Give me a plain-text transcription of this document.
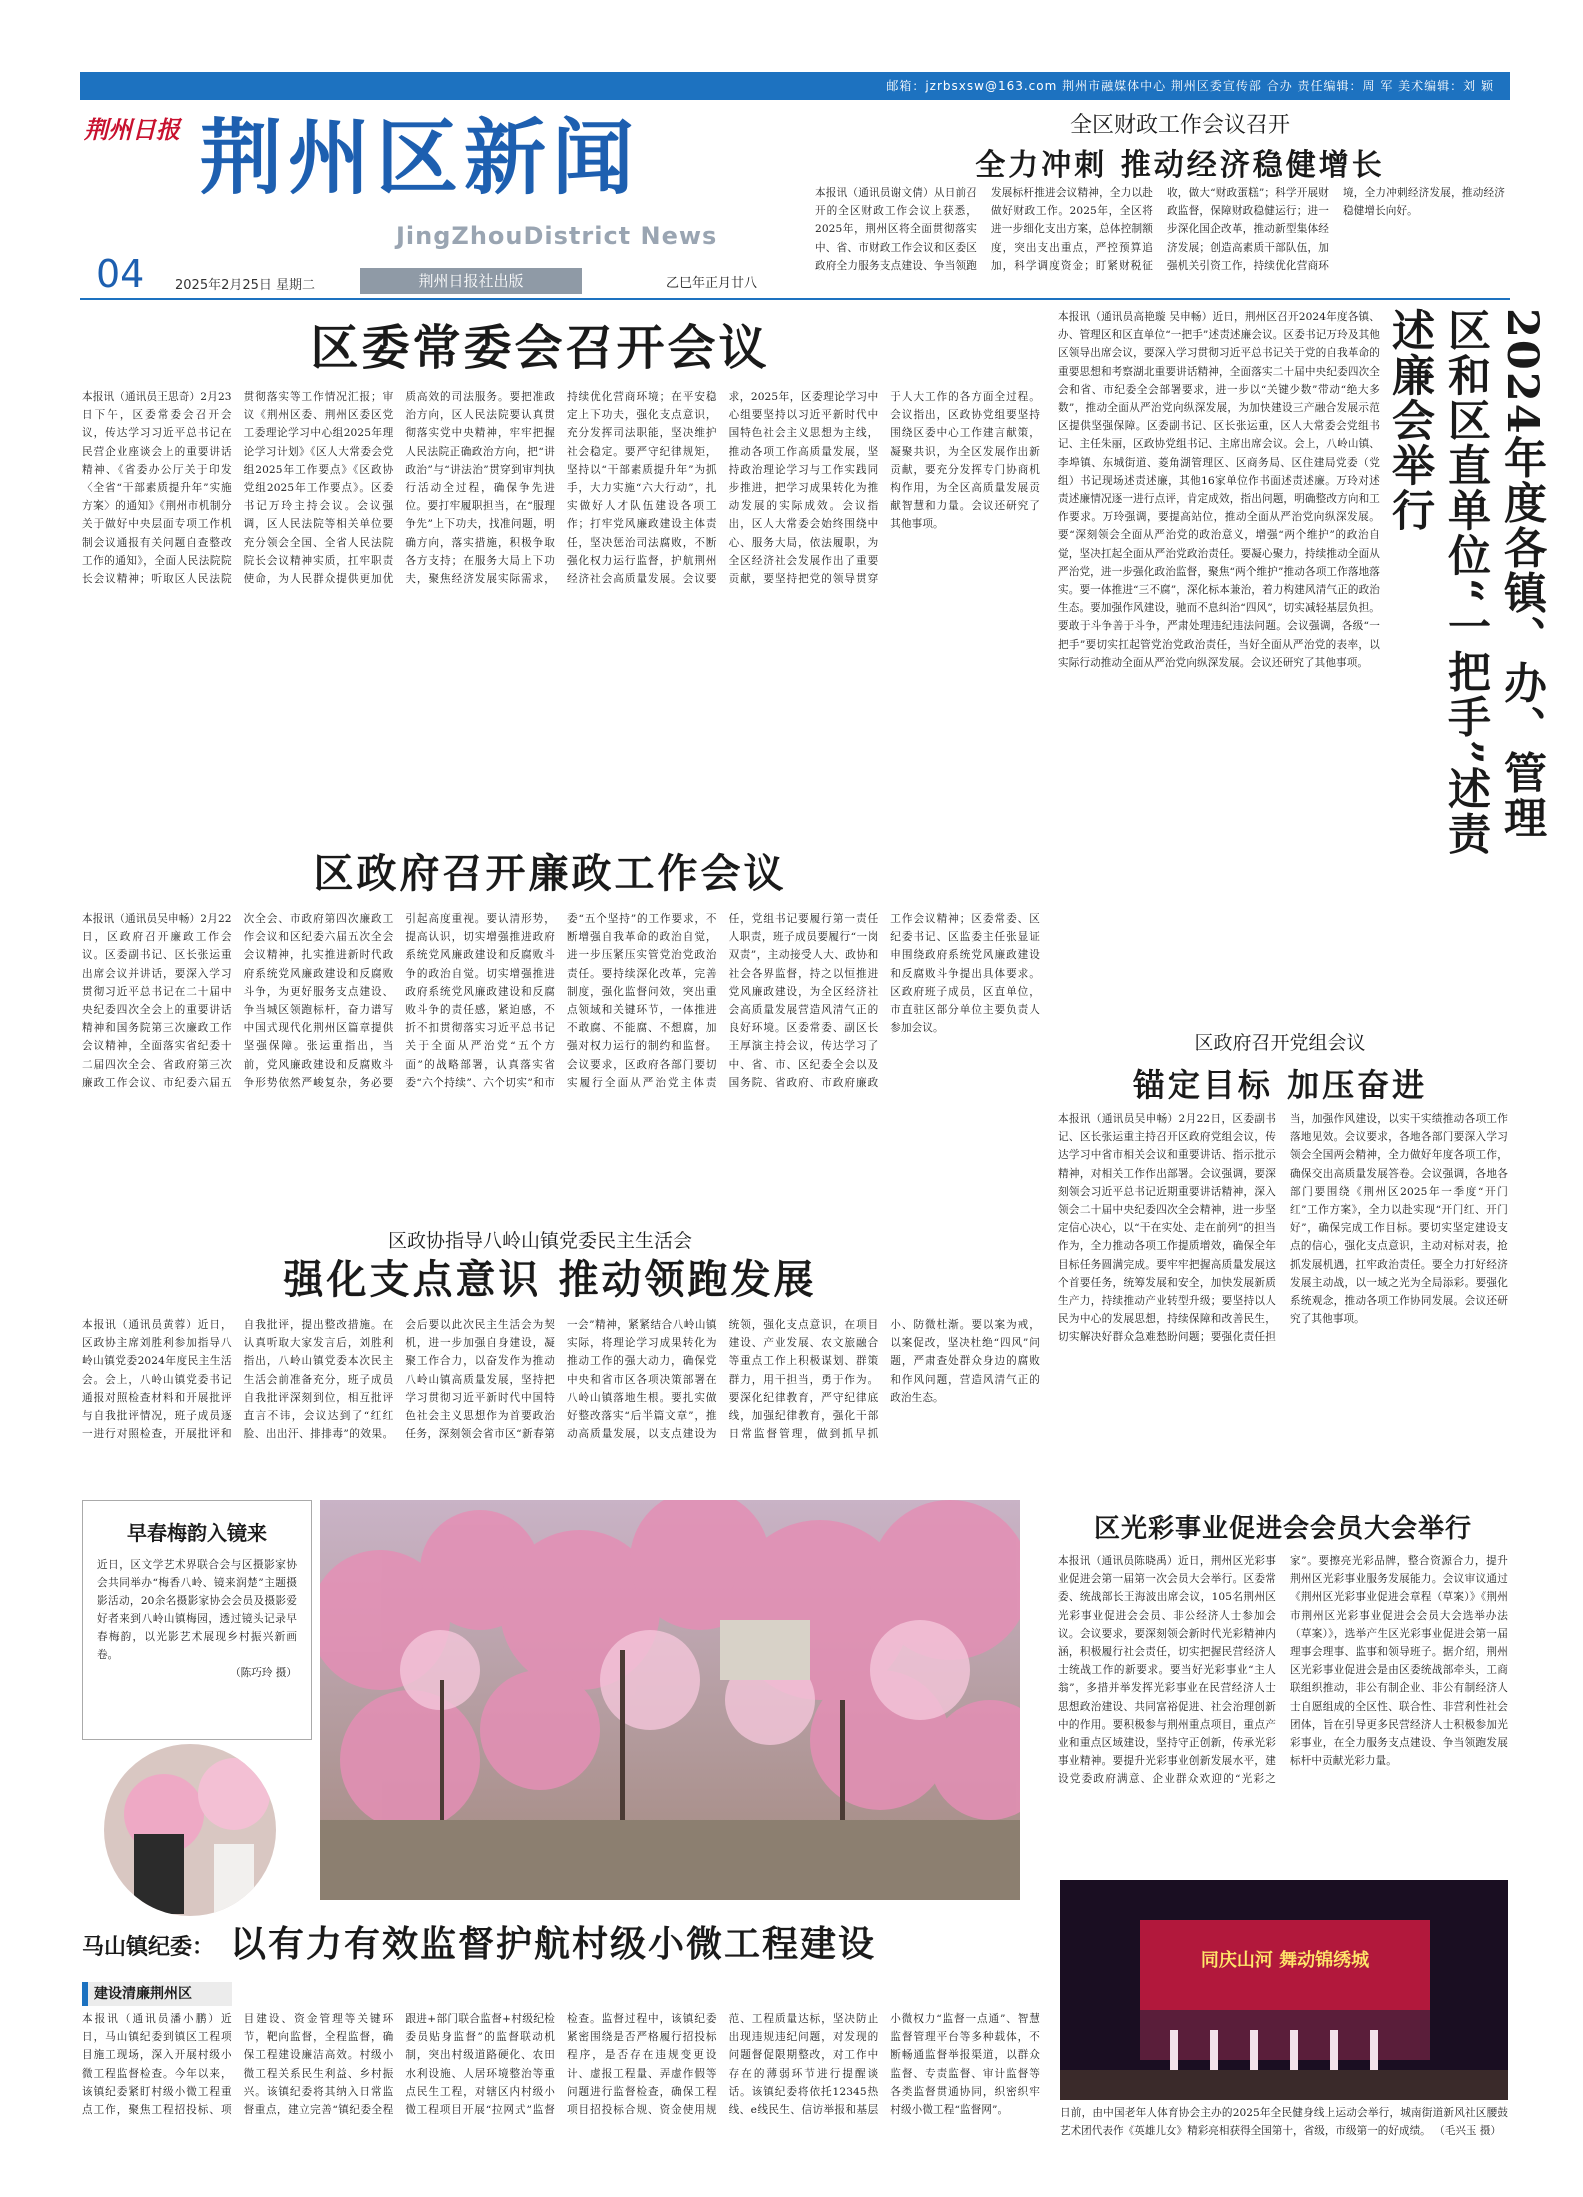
邮箱：jzrbsxsw@163.com 荆州市融媒体中心 荆州区委宣传部 合办 责任编辑：周 军 美术编辑：刘 颖
荆州日报 荆州区新闻
JingZhouDistrict News
04 2025年2月25日 星期二	荆州日报社出版	乙巳年正月廿八
全区财政工作会议召开
全力冲刺 推动经济稳健增长
本报讯（通讯员谢文倩）从日前召开的全区财政工作会议上获悉，2025年，荆州区将全面贯彻落实中、省、市财政工作会议和区委区政府全力服务支点建设、争当领跑发展标杆推进会议精神，全力以赴做好财政工作。2025年，全区将进一步细化支出方案，总体控制额度，突出支出重点，严控预算追加，科学调度资金；盯紧财税征收，做大“财政蛋糕”；科学开展财政监督，保障财政稳健运行；进一步深化国企改革，推动新型集体经济发展；创造高素质干部队伍，加强机关引资工作，持续优化营商环境，全力冲刺经济发展，推动经济稳健增长向好。
区委常委会召开会议
本报讯（通讯员王思奇）2月23日下午，区委常委会召开会议，传达学习习近平总书记在民营企业座谈会上的重要讲话精神、《省委办公厅关于印发〈全省“干部素质提升年”实施方案〉的通知》《荆州市机制分关于做好中央层面专项工作机制会议通报有关问题自查整改工作的通知》，全面人民法院院长会议精神；听取区人民法院贯彻落实等工作情况汇报；审议《荆州区委、荆州区委区党工委理论学习中心组2025年理论学习计划》《区人大常委会党组2025年工作要点》《区政协党组2025年工作要点》。区委书记万玲主持会议。会议强调，区人民法院等相关单位要充分领会全国、全省人民法院院长会议精神实质，扛牢职责使命，为人民群众提供更加优质高效的司法服务。要把准政治方向，区人民法院要认真贯彻落实党中央精神，牢牢把握人民法院正确政治方向，把“讲政治”与“讲法治”贯穿到审判执行活动全过程，确保争先进位。要打牢履职担当，在“服理争先”上下功夫，找准问题，明确方向，落实措施，积极争取各方支持；在服务大局上下功夫，聚焦经济发展实际需求，持续优化营商环境；在平安稳定上下功夫，强化支点意识，充分发挥司法职能，坚决维护社会稳定。要严守纪律规矩，坚持以“干部素质提升年”为抓手，大力实施“六大行动”，扎实做好人才队伍建设各项工作；打牢党风廉政建设主体责任，坚决惩治司法腐败，不断强化权力运行监督，护航荆州经济社会高质量发展。会议要求，2025年，区委理论学习中心组要坚持以习近平新时代中国特色社会主义思想为主线，推动各项工作高质量发展，坚持政治理论学习与工作实践同步推进，把学习成果转化为推动发展的实际成效。会议指出，区人大常委会始终围绕中心、服务大局，依法履职，为全区经济社会发展作出了重要贡献，要坚持把党的领导贯穿于人大工作的各方面全过程。会议指出，区政协党组要坚持围绕区委中心工作建言献策，凝聚共识，为全区发展作出新贡献，要充分发挥专门协商机构作用，为全区高质量发展贡献智慧和力量。会议还研究了其他事项。	2024年度各镇、办、管理区和区直单位“一把手”述责述廉会举行
本报讯（通讯员高艳璇 吴申畅）近日，荆州区召开2024年度各镇、办、管理区和区直单位“一把手”述责述廉会议。区委书记万玲及其他区领导出席会议，要深入学习贯彻习近平总书记关于党的自我革命的重要思想和考察湖北重要讲话精神，全面落实二十届中央纪委四次全会和省、市纪委全会部署要求，进一步以“关键少数”带动“绝大多数”，推动全面从严治党向纵深发展，为加快建设三产融合发展示范区提供坚强保障。区委副书记、区长张运重，区人大常委会党组书记、主任朱丽，区政协党组书记、主席出席会议。会上，八岭山镇、李埠镇、东城街道、菱角湖管理区、区商务局、区住建局党委（党组）书记现场述责述廉，其他16家单位作书面述责述廉。万玲对述责述廉情况逐一进行点评，肯定成效，指出问题，明确整改方向和工作要求。万玲强调，要提高站位，推动全面从严治党向纵深发展。要“深刻领会全面从严治党的政治意义，增强“两个维护”的政治自觉，坚决扛起全面从严治党政治责任。要凝心聚力，持续推动全面从严治党，进一步强化政治监督，聚焦“两个维护”推动各项工作落地落实。要一体推进“三不腐”，深化标本兼治，着力构建风清气正的政治生态。要加强作风建设，驰而不息纠治“四风”，切实减轻基层负担。要敢于斗争善于斗争，严肃处理违纪违法问题。会议强调，各级“一把手”要切实扛起管党治党政治责任，当好全面从严治党的表率，以实际行动推动全面从严治党向纵深发展。会议还研究了其他事项。
区政府召开廉政工作会议
本报讯（通讯员吴申畅）2月22日，区政府召开廉政工作会议。区委副书记、区长张运重出席会议并讲话，要深入学习贯彻习近平总书记在二十届中央纪委四次全会上的重要讲话精神和国务院第三次廉政工作会议精神，全面落实省纪委十二届四次全会、省政府第三次廉政工作会议、市纪委六届五次全会、市政府第四次廉政工作会议和区纪委六届五次全会会议精神，扎实推进新时代政府系统党风廉政建设和反腐败斗争，为更好服务支点建设、争当城区领跑标杆，奋力谱写中国式现代化荆州区篇章提供坚强保障。张运重指出，当前，党风廉政建设和反腐败斗争形势依然严峻复杂，务必要引起高度重视。要认清形势，提高认识，切实增强推进政府系统党风廉政建设和反腐败斗争的政治自觉。切实增强推进政府系统党风廉政建设和反腐败斗争的责任感，紧迫感，不折不扣贯彻落实习近平总书记关于全面从严治党“五个方面”的战略部署，认真落实省委“六个持续”、六个切实”和市委“五个坚持”的工作要求，不断增强自我革命的政治自觉，进一步压紧压实管党治党政治责任。要持续深化改革，完善制度，强化监督问效，突出重点领域和关键环节，一体推进不敢腐、不能腐、不想腐，加强对权力运行的制约和监督。会议要求，区政府各部门要切实履行全面从严治党主体责任，党组书记要履行第一责任人职责，班子成员要履行“一岗双责”，主动接受人大、政协和社会各界监督，持之以恒推进党风廉政建设，为全区经济社会高质量发展营造风清气正的良好环境。区委常委、副区长王厚演主持会议，传达学习了中、省、市、区纪委全会以及国务院、省政府、市政府廉政工作会议精神；区委常委、区纪委书记、区监委主任张显证申围绕政府系统党风廉政建设和反腐败斗争提出具体要求。区政府班子成员，区直单位，市直驻区部分单位主要负责人参加会议。
区政府召开党组会议
锚定目标 加压奋进
本报讯（通讯员吴申畅）2月22日，区委副书记、区长张运重主持召开区政府党组会议，传达学习中省市相关会议和重要讲话、指示批示精神，对相关工作作出部署。会议强调，要深刻领会习近平总书记近期重要讲话精神，深入领会二十届中央纪委四次全会精神，进一步坚定信心决心，以“干在实处、走在前列”的担当作为，全力推动各项工作提质增效，确保全年目标任务圆满完成。要牢牢把握高质量发展这个首要任务，统筹发展和安全，加快发展新质生产力，持续推动产业转型升级；要坚持以人民为中心的发展思想，持续保障和改善民生，切实解决好群众急难愁盼问题；要强化责任担当，加强作风建设，以实干实绩推动各项工作落地见效。会议要求，各地各部门要深入学习领会全国两会精神，全力做好年度各项工作，确保交出高质量发展答卷。会议强调，各地各部门要围绕《荆州区2025年一季度“开门红”工作方案》，全力以赴实现“开门红、开门好”，确保完成工作目标。要切实坚定建设支点的信心，强化支点意识，主动对标对表，抢抓发展机遇，扛牢政治责任。要全力打好经济发展主动战，以一域之光为全局添彩。要强化系统观念，推动各项工作协同发展。会议还研究了其他事项。
区政协指导八岭山镇党委民主生活会
强化支点意识 推动领跑发展
本报讯（通讯员黄蓉）近日，区政协主席刘胜利参加指导八岭山镇党委2024年度民主生活会。会上，八岭山镇党委书记通报对照检查材料和开展批评与自我批评情况，班子成员逐一进行对照检查，开展批评和自我批评，提出整改措施。在认真听取大家发言后，刘胜利指出，八岭山镇党委本次民主生活会前准备充分，班子成员自我批评深刻到位，相互批评直言不讳，会议达到了“红红脸、出出汗、排排毒”的效果。会后要以此次民主生活会为契机，进一步加强自身建设，凝聚工作合力，以奋发作为推动八岭山镇高质量发展，坚持把学习贯彻习近平新时代中国特色社会主义思想作为首要政治任务，深刻领会省市区“新春第一会”精神，紧紧结合八岭山镇实际，将理论学习成果转化为推动工作的强大动力，确保党中央和省市区各项决策部署在八岭山镇落地生根。要扎实做好整改落实“后半篇文章”，推动高质量发展，以支点建设为统领，强化支点意识，在项目建设、产业发展、农文旅融合等重点工作上积极谋划、群策群力，用干担当，勇于作为。要深化纪律教育，严守纪律底线，加强纪律教育，强化干部日常监督管理，做到抓早抓小、防微杜渐。要以案为戒，以案促改，坚决杜绝“四风”问题，严肃查处群众身边的腐败和作风问题，营造风清气正的政治生态。
早春梅韵入镜来
近日，区文学艺术界联合会与区摄影家协会共同举办“梅香八岭、镜来润楚”主题摄影活动，20余名摄影家协会会员及摄影爱好者来到八岭山镇梅园，透过镜头记录早春梅韵，以光影艺术展现乡村振兴新画卷。
（陈巧玲 摄）
区光彩事业促进会会员大会举行
本报讯（通讯员陈晓禹）近日，荆州区光彩事业促进会第一届第一次会员大会举行。区委常委、统战部长王海波出席会议，105名荆州区光彩事业促进会会员、非公经济人士参加会议。会议要求，要深刻领会新时代光彩精神内涵，积极履行社会责任，切实把握民营经济人士统战工作的新要求。要当好光彩事业“主人翁”，多措并举发挥光彩事业在民营经济人士思想政治建设、共同富裕促进、社会治理创新中的作用。要积极参与荆州重点项目，重点产业和重点区域建设，坚持守正创新，传承光彩事业精神。要提升光彩事业创新发展水平，建设党委政府满意、企业群众欢迎的“光彩之家”。要擦亮光彩品牌，整合资源合力，提升荆州区光彩事业服务发展能力。会议审议通过《荆州区光彩事业促进会章程（草案）》《荆州市荆州区光彩事业促进会会员大会选举办法（草案）》，选举产生区光彩事业促进会第一届理事会理事、监事和领导班子。据介绍，荆州区光彩事业促进会是由区委统战部牵头，工商联组织推动，非公有制企业、非公有制经济人士自愿组成的全区性、联合性、非营利性社会团体，旨在引导更多民营经济人士积极参加光彩事业，在全力服务支点建设、争当领跑发展标杆中贡献光彩力量。
同庆山河 舞动锦绣城
日前，由中国老年人体育协会主办的2025年全民健身线上运动会举行，城南街道新风社区腰鼓艺术团代表作《英雄儿女》精彩亮相获得全国第十，省级，市级第一的好成绩。 （毛兴玉 摄）
马山镇纪委： 以有力有效监督护航村级小微工程建设
建设清廉荆州区
本报讯（通讯员潘小鹏）近日，马山镇纪委到镇区工程项目施工现场，深入开展村级小微工程监督检查。今年以来，该镇纪委紧盯村级小微工程重点工作，聚焦工程招投标、项目建设、资金管理等关键环节，靶向监督，全程监督，确保工程建设廉洁高效。村级小微工程关系民生利益、乡村振兴。该镇纪委将其纳入日常监督重点，建立完善“镇纪委全程跟进+部门联合监督+村级纪检委员贴身监督”的监督联动机制，突出村级道路硬化、农田水利设施、人居环境整治等重点民生工程，对辖区内村级小微工程项目开展“拉网式”监督检查。监督过程中，该镇纪委紧密围绕是否严格履行招投标程序，是否存在违规变更设计、虚报工程量、弄虚作假等问题进行监督检查，确保工程项目招投标合规、资金使用规范、工程质量达标，坚决防止出现违规违纪问题，对发现的问题督促限期整改，对工作中存在的薄弱环节进行提醒谈话。该镇纪委将依托12345热线、e线民生、信访举报和基层小微权力“监督一点通”、智慧监督管理平台等多种载体，不断畅通监督举报渠道，以群众监督、专责监督、审计监督等各类监督贯通协同，织密织牢村级小微工程“监督网”。
